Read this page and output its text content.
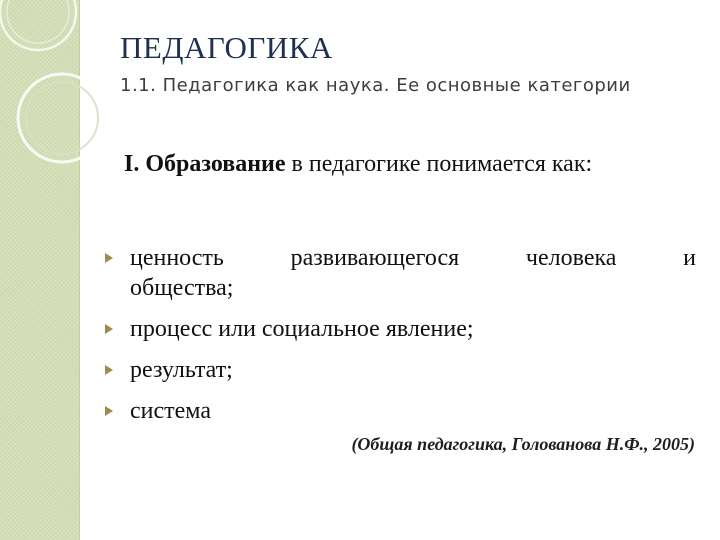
ПЕДАГОГИКА

1.1. Педагогика как наука. Ее основные категории

I. Образование в педагогике понимается как:

ценность	развивающегося	человека	и
общества;
процесс или социальное явление;
результат;
система

(Общая педагогика, Голованова Н.Ф., 2005)
